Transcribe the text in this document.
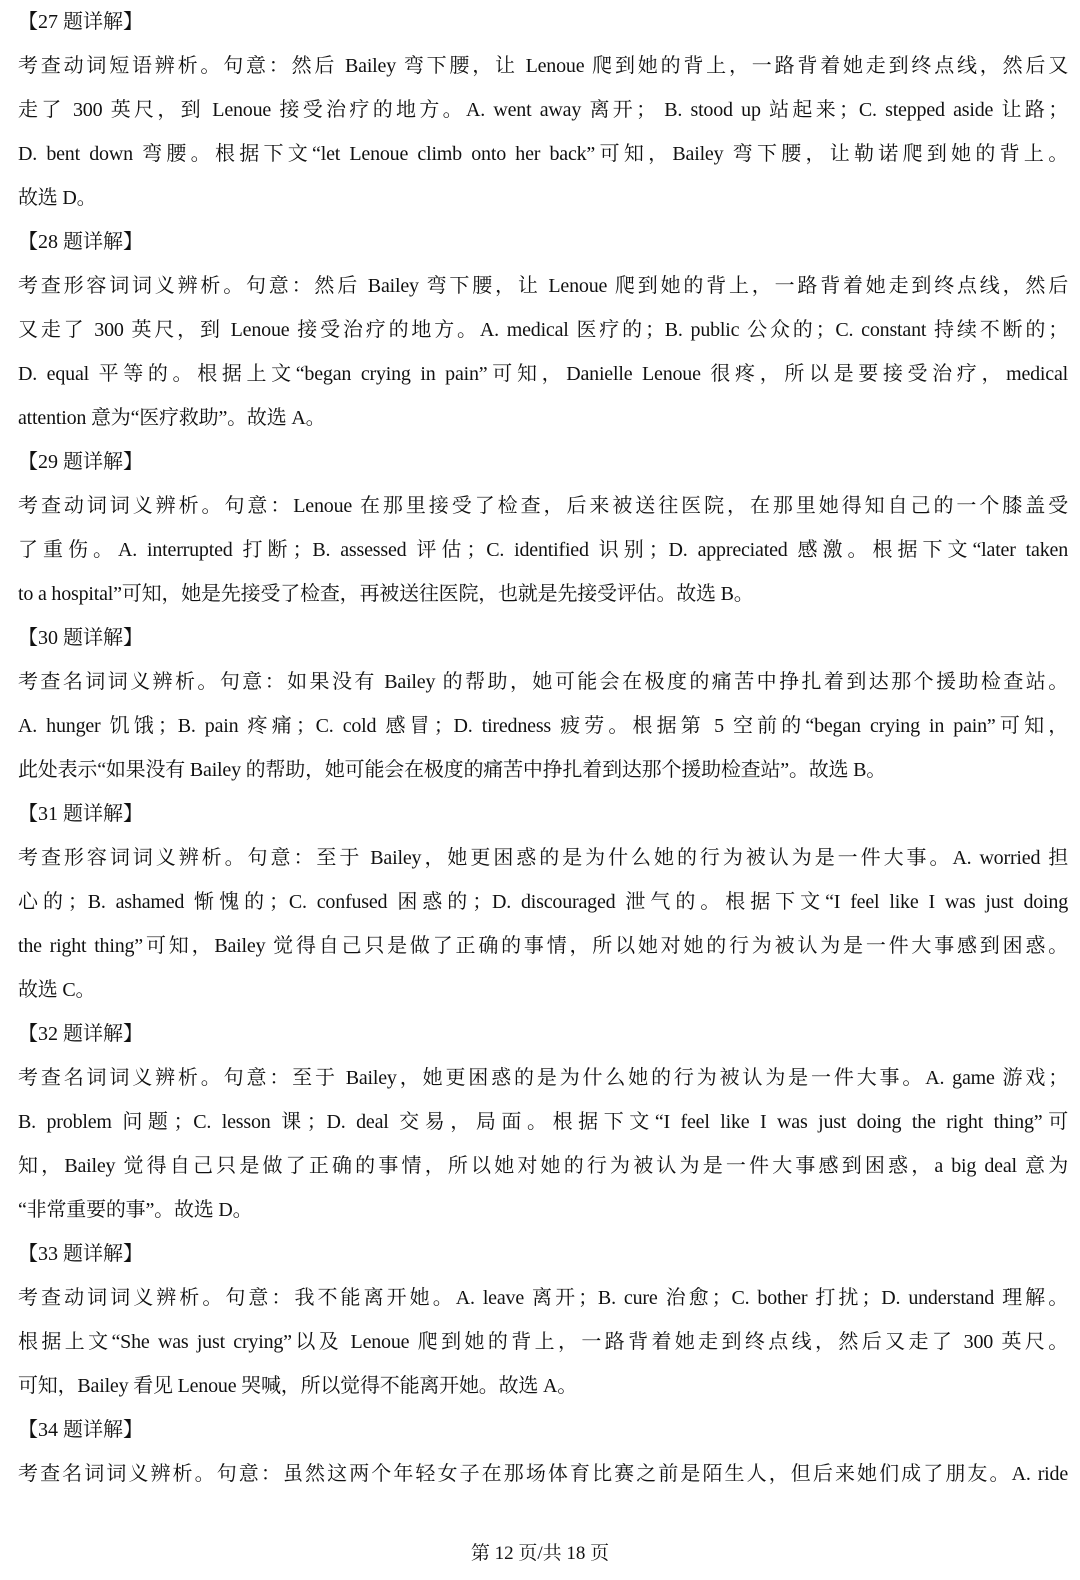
【27 题详解】
考查动词短语辨析。句意：然后 Bailey 弯下腰，让 Lenoue 爬到她的背上，一路背着她走到终点线，然后又
走了 300 英尺，到 Lenoue 接受治疗的地方。A. went away 离开； B. stood up 站起来；C. stepped aside 让路；
D. bent down 弯腰。根据下文“let Lenoue climb onto her back”可知，Bailey 弯下腰，让勒诺爬到她的背上。
故选 D。
【28 题详解】
考查形容词词义辨析。句意：然后 Bailey 弯下腰，让 Lenoue 爬到她的背上，一路背着她走到终点线，然后
又走了 300 英尺，到 Lenoue 接受治疗的地方。A. medical 医疗的；B. public 公众的；C. constant 持续不断的；
D. equal 平等的。根据上文“began crying in pain”可知，Danielle Lenoue 很疼，所以是要接受治疗，medical
attention 意为“医疗救助”。故选 A。
【29 题详解】
考查动词词义辨析。句意：Lenoue 在那里接受了检查，后来被送往医院，在那里她得知自己的一个膝盖受
了重伤。A. interrupted 打断；B. assessed 评估；C. identified 识别；D. appreciated 感激。根据下文“later taken
to a hospital”可知，她是先接受了检查，再被送往医院，也就是先接受评估。故选 B。
【30 题详解】
考查名词词义辨析。句意：如果没有 Bailey 的帮助，她可能会在极度的痛苦中挣扎着到达那个援助检查站。
A. hunger 饥饿；B. pain 疼痛；C. cold 感冒；D. tiredness 疲劳。根据第 5 空前的“began crying in pain”可知，
此处表示“如果没有 Bailey 的帮助，她可能会在极度的痛苦中挣扎着到达那个援助检查站”。故选 B。
【31 题详解】
考查形容词词义辨析。句意：至于 Bailey，她更困惑的是为什么她的行为被认为是一件大事。A. worried 担
心的；B. ashamed 惭愧的；C. confused 困惑的；D. discouraged 泄气的。根据下文“I feel like I was just doing
the right thing”可知，Bailey 觉得自己只是做了正确的事情，所以她对她的行为被认为是一件大事感到困惑。
故选 C。
【32 题详解】
考查名词词义辨析。句意：至于 Bailey，她更困惑的是为什么她的行为被认为是一件大事。A. game 游戏；
B. problem 问题；C. lesson 课；D. deal 交易，局面。根据下文“I feel like I was just doing the right thing”可
知，Bailey 觉得自己只是做了正确的事情，所以她对她的行为被认为是一件大事感到困惑，a big deal 意为
“非常重要的事”。故选 D。
【33 题详解】
考查动词词义辨析。句意：我不能离开她。A. leave 离开；B. cure 治愈；C. bother 打扰；D. understand 理解。
根据上文“She was just crying”以及 Lenoue 爬到她的背上，一路背着她走到终点线，然后又走了 300 英尺。
可知，Bailey 看见 Lenoue 哭喊，所以觉得不能离开她。故选 A。
【34 题详解】
考查名词词义辨析。句意：虽然这两个年轻女子在那场体育比赛之前是陌生人，但后来她们成了朋友。A. ride
第 12 页/共 18 页
